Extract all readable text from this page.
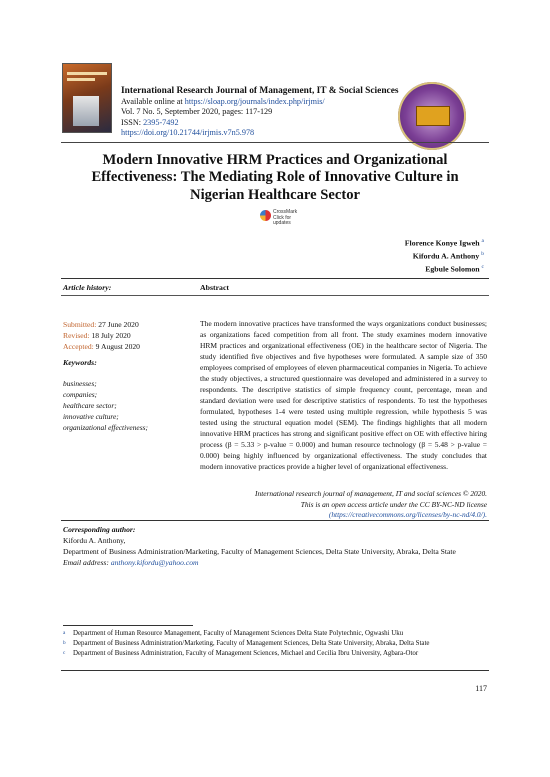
International Research Journal of Management, IT & Social Sciences
Available online at https://sloap.org/journals/index.php/irjmis/
Vol. 7 No. 5, September 2020, pages: 117-129
ISSN: 2395-7492
https://doi.org/10.21744/irjmis.v7n5.978
Modern Innovative HRM Practices and Organizational Effectiveness: The Mediating Role of Innovative Culture in Nigerian Healthcare Sector
CrossMark
Click for updates
Florence Konye Igweh $^a$
Kifordu A. Anthony $^b$
Egbule Solomon $^c$
Article history:	Abstract
Submitted: 27 June 2020
Revised: 18 July 2020
Accepted: 9 August 2020
Keywords:
businesses;
companies;
healthcare sector;
innovative culture;
organizational effectiveness;
The modern innovative practices have transformed the ways organizations conduct businesses; as organizations faced competition from all front. The study examines modern innovative HRM practices and organizational effectiveness (OE) in the healthcare sector of Nigeria. The study identified five objectives and five hypotheses were formulated. A sample size of 350 employees comprised of employees of eleven pharmaceutical companies in Nigeria. To achieve the study objectives, a structured questionnaire was developed and administered in a survey to respondents. The descriptive statistics of simple frequency count, percentage, mean and standard deviation were used for descriptive statistics of respondents. To test the hypotheses formulated, hypotheses 1-4 were tested using multiple regression, while hypothesis 5 was tested using the structural equation model (SEM). The findings highlights that all modern innovative HRM practices has strong and significant positive effect on OE with effective hiring process (β = 5.33 > p-value = 0.000) and human resource technology (β = 5.48 > p-value = 0.000) being highly influenced by organizational effectiveness. The study concludes that modern innovative practices provide a higher level of organizational effectiveness.
International research journal of management, IT and social sciences © 2020.
This is an open access article under the CC BY-NC-ND license
(https://creativecommons.org/licenses/by-nc-nd/4.0/).
Corresponding author:
Kifordu A. Anthony,
Department of Business Administration/Marketing, Faculty of Management Sciences, Delta State University, Abraka, Delta State
Email address: anthony.kifordu@yahoo.com
a Department of Human Resource Management, Faculty of Management Sciences Delta State Polytechnic, Ogwashi Uku
b Department of Business Administration/Marketing, Faculty of Management Sciences, Delta State University, Abraka, Delta State
c Department of Business Administration, Faculty of Management Sciences, Michael and Cecilia Ibru University, Agbara-Otor
117
